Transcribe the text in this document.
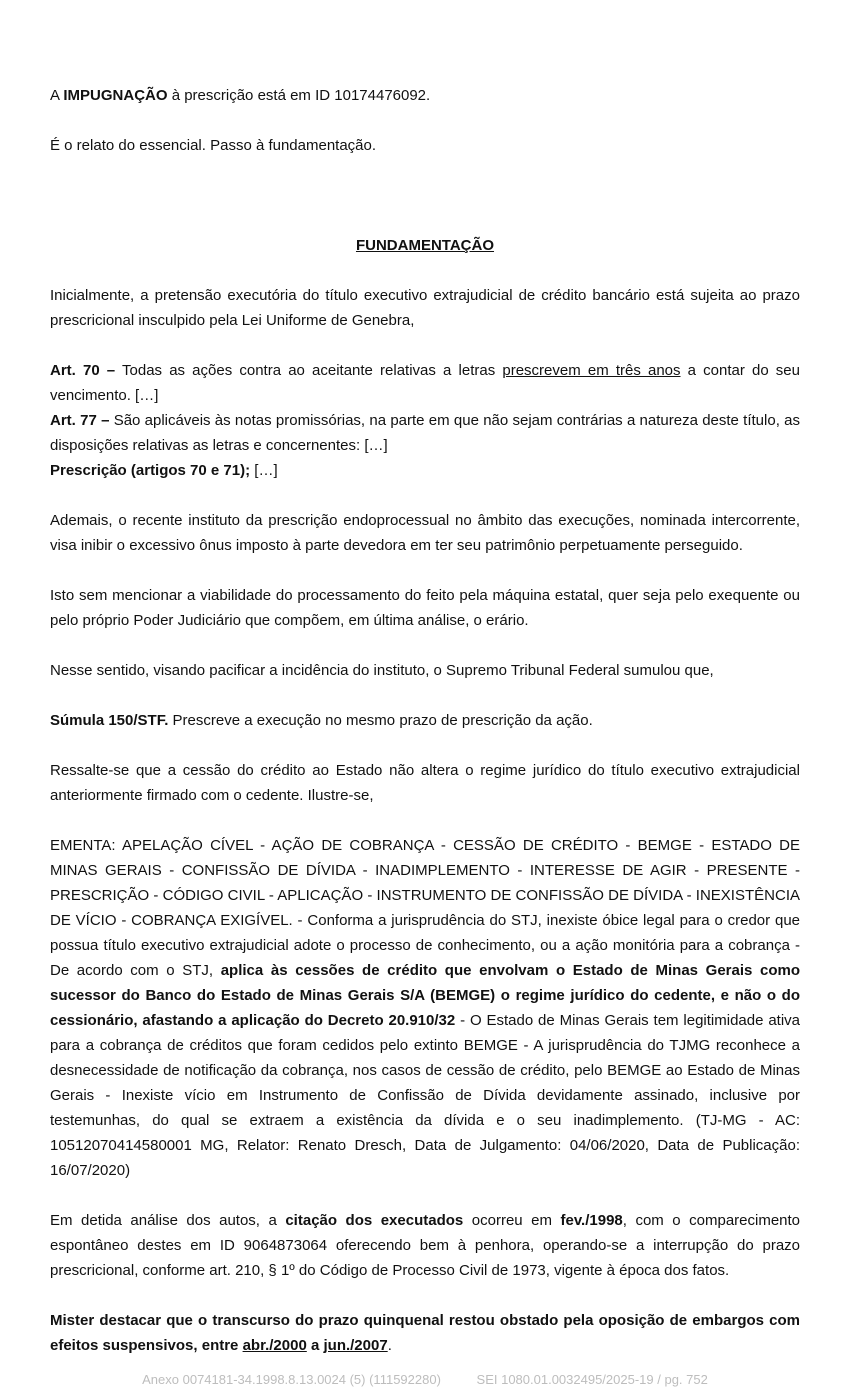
A IMPUGNAÇÃO à prescrição está em ID 10174476092.

É o relato do essencial. Passo à fundamentação.

FUNDAMENTAÇÃO

Inicialmente, a pretensão executória do título executivo extrajudicial de crédito bancário está sujeita ao prazo prescricional insculpido pela Lei Uniforme de Genebra,

Art. 70 – Todas as ações contra ao aceitante relativas a letras prescrevem em três anos a contar do seu vencimento. […]

Art. 77 – São aplicáveis às notas promissórias, na parte em que não sejam contrárias a natureza deste título, as disposições relativas as letras e concernentes: […]

Prescrição (artigos 70 e 71); […]

Ademais, o recente instituto da prescrição endoprocessual no âmbito das execuções, nominada intercorrente, visa inibir o excessivo ônus imposto à parte devedora em ter seu patrimônio perpetuamente perseguido.

Isto sem mencionar a viabilidade do processamento do feito pela máquina estatal, quer seja pelo exequente ou pelo próprio Poder Judiciário que compõem, em última análise, o erário.

Nesse sentido, visando pacificar a incidência do instituto, o Supremo Tribunal Federal sumulou que,

Súmula 150/STF. Prescreve a execução no mesmo prazo de prescrição da ação.

Ressalte-se que a cessão do crédito ao Estado não altera o regime jurídico do título executivo extrajudicial anteriormente firmado com o cedente. Ilustre-se,

EMENTA: APELAÇÃO CÍVEL - AÇÃO DE COBRANÇA - CESSÃO DE CRÉDITO - BEMGE - ESTADO DE MINAS GERAIS - CONFISSÃO DE DÍVIDA - INADIMPLEMENTO - INTERESSE DE AGIR - PRESENTE - PRESCRIÇÃO - CÓDIGO CIVIL - APLICAÇÃO - INSTRUMENTO DE CONFISSÃO DE DÍVIDA - INEXISTÊNCIA DE VÍCIO - COBRANÇA EXIGÍVEL. - Conforma a jurisprudência do STJ, inexiste óbice legal para o credor que possua título executivo extrajudicial adote o processo de conhecimento, ou a ação monitória para a cobrança - De acordo com o STJ, aplica às cessões de crédito que envolvam o Estado de Minas Gerais como sucessor do Banco do Estado de Minas Gerais S/A (BEMGE) o regime jurídico do cedente, e não o do cessionário, afastando a aplicação do Decreto 20.910/32 - O Estado de Minas Gerais tem legitimidade ativa para a cobrança de créditos que foram cedidos pelo extinto BEMGE - A jurisprudência do TJMG reconhece a desnecessidade de notificação da cobrança, nos casos de cessão de crédito, pelo BEMGE ao Estado de Minas Gerais - Inexiste vício em Instrumento de Confissão de Dívida devidamente assinado, inclusive por testemunhas, do qual se extraem a existência da dívida e o seu inadimplemento. (TJ-MG - AC: 10512070414580001 MG, Relator: Renato Dresch, Data de Julgamento: 04/06/2020, Data de Publicação: 16/07/2020)

Em detida análise dos autos, a citação dos executados ocorreu em fev./1998, com o comparecimento espontâneo destes em ID 9064873064 oferecendo bem à penhora, operando-se a interrupção do prazo prescricional, conforme art. 210, § 1º do Código de Processo Civil de 1973, vigente à época dos fatos.

Mister destacar que o transcurso do prazo quinquenal restou obstado pela oposição de embargos com efeitos suspensivos, entre abr./2000 a jun./2007.

Anexo 0074181-34.1998.8.13.0024 (5) (111592280)	SEI 1080.01.0032495/2025-19 / pg. 752
